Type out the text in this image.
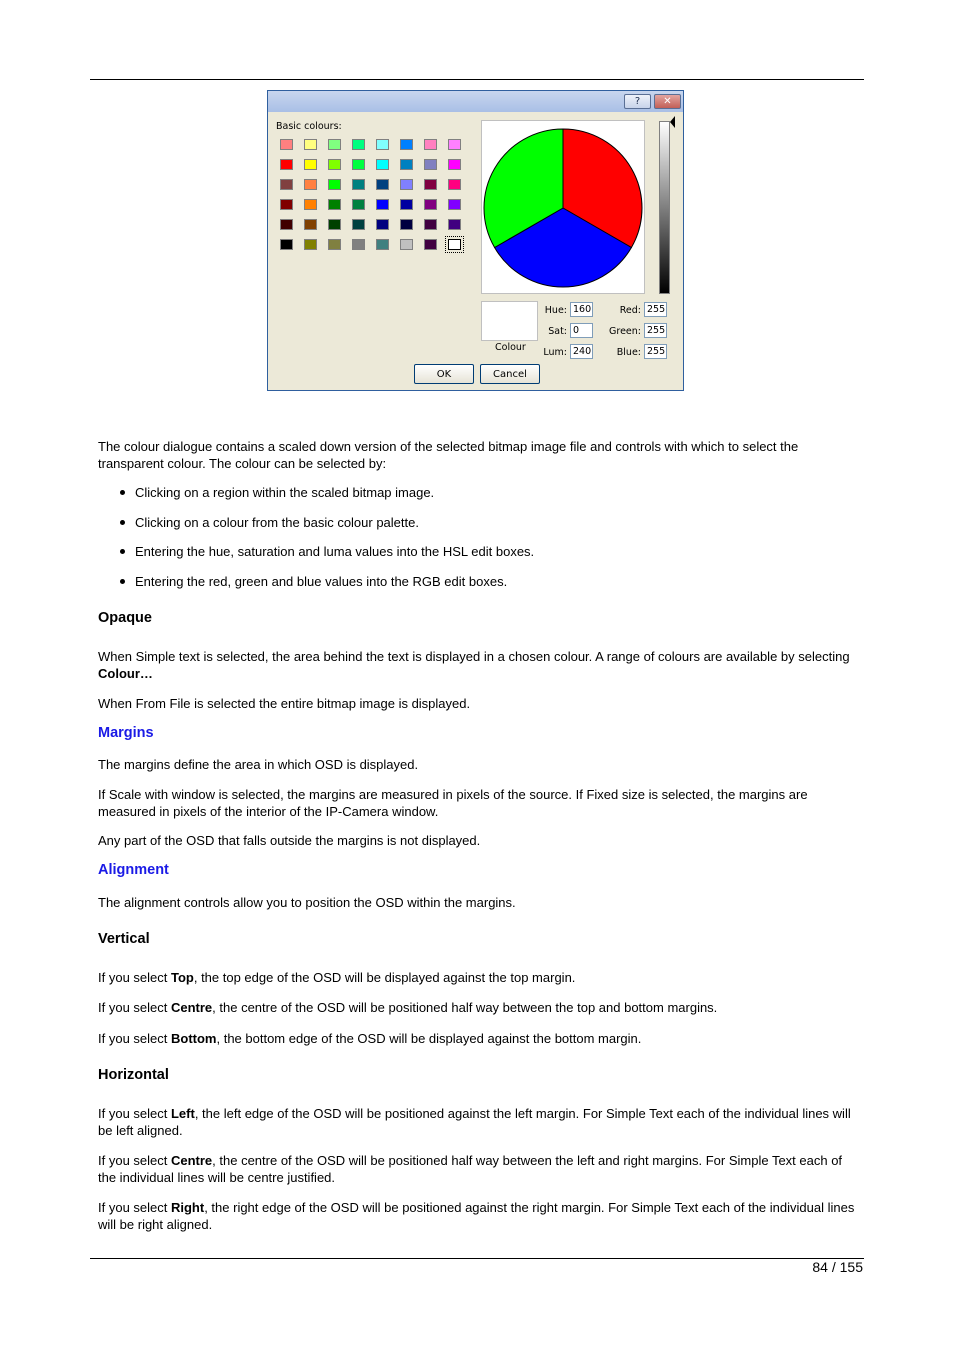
?	✕
Basic colours:
Colour
Hue: 160
Sat: 0
Lum: 240
Red: 255
Green: 255
Blue: 255
OK	Cancel

The colour dialogue contains a scaled down version of the selected bitmap image file and controls with which to select the transparent colour. The colour can be selected by:

Clicking on a region within the scaled bitmap image.
Clicking on a colour from the basic colour palette.
Entering the hue, saturation and luma values into the HSL edit boxes.
Entering the red, green and blue values into the RGB edit boxes.

Opaque

When Simple text is selected, the area behind the text is displayed in a chosen colour. A range of colours are available by selecting Colour…

When From File is selected the entire bitmap image is displayed.

Margins

The margins define the area in which OSD is displayed.

If Scale with window is selected, the margins are measured in pixels of the source. If Fixed size is selected, the margins are measured in pixels of the interior of the IP-Camera window.

Any part of the OSD that falls outside the margins is not displayed.

Alignment

The alignment controls allow you to position the OSD within the margins.

Vertical

If you select Top, the top edge of the OSD will be displayed against the top margin.

If you select Centre, the centre of the OSD will be positioned half way between the top and bottom margins.

If you select Bottom, the bottom edge of the OSD will be displayed against the bottom margin.

Horizontal

If you select Left, the left edge of the OSD will be positioned against the left margin. For Simple Text each of the individual lines will be left aligned.

If you select Centre, the centre of the OSD will be positioned half way between the left and right margins. For Simple Text each of the individual lines will be centre justified.

If you select Right, the right edge of the OSD will be positioned against the right margin. For Simple Text each of the individual lines will be right aligned.

84 / 155
